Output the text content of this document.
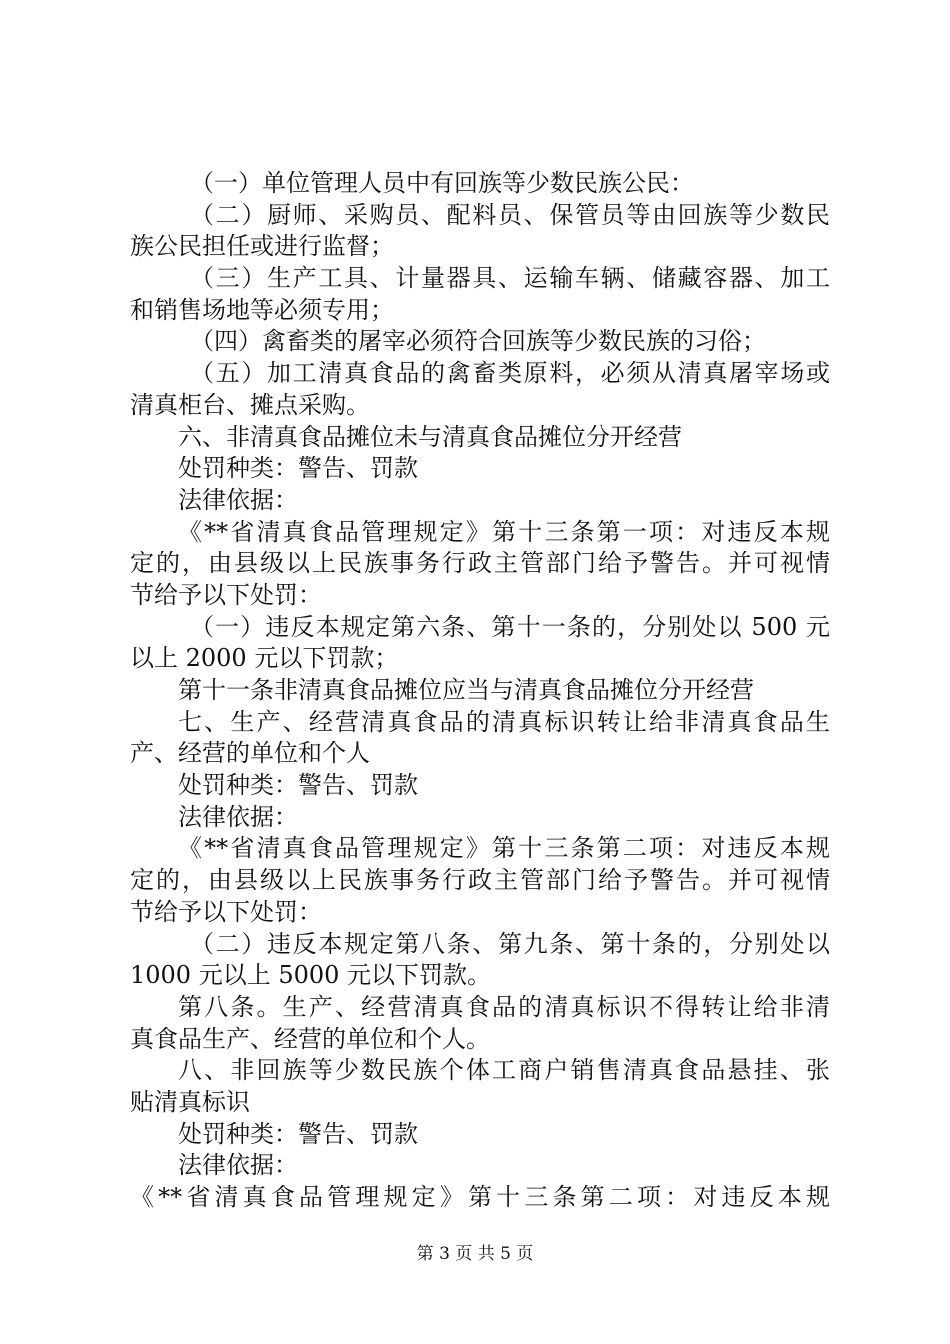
（一）单位管理人员中有回族等少数民族公民：
（二）厨师、采购员、配料员、保管员等由回族等少数民
族公民担任或进行监督；
（三）生产工具、计量器具、运输车辆、储藏容器、加工
和销售场地等必须专用；
（四）禽畜类的屠宰必须符合回族等少数民族的习俗；
（五）加工清真食品的禽畜类原料，必须从清真屠宰场或
清真柜台、摊点采购。
六、非清真食品摊位未与清真食品摊位分开经营
处罚种类：警告、罚款
法律依据：
《**省清真食品管理规定》第十三条第一项：对违反本规
定的，由县级以上民族事务行政主管部门给予警告。并可视情
节给予以下处罚：
（一）违反本规定第六条、第十一条的，分别处以 500 元
以上 2000 元以下罚款；
第十一条非清真食品摊位应当与清真食品摊位分开经营
七、生产、经营清真食品的清真标识转让给非清真食品生
产、经营的单位和个人
处罚种类：警告、罚款
法律依据：
《**省清真食品管理规定》第十三条第二项：对违反本规
定的，由县级以上民族事务行政主管部门给予警告。并可视情
节给予以下处罚：
（二）违反本规定第八条、第九条、第十条的，分别处以
1000 元以上 5000 元以下罚款。
第八条。生产、经营清真食品的清真标识不得转让给非清
真食品生产、经营的单位和个人。
八、非回族等少数民族个体工商户销售清真食品悬挂、张
贴清真标识
处罚种类：警告、罚款
法律依据：
《**省清真食品管理规定》第十三条第二项：对违反本规
第 3 页 共 5 页
